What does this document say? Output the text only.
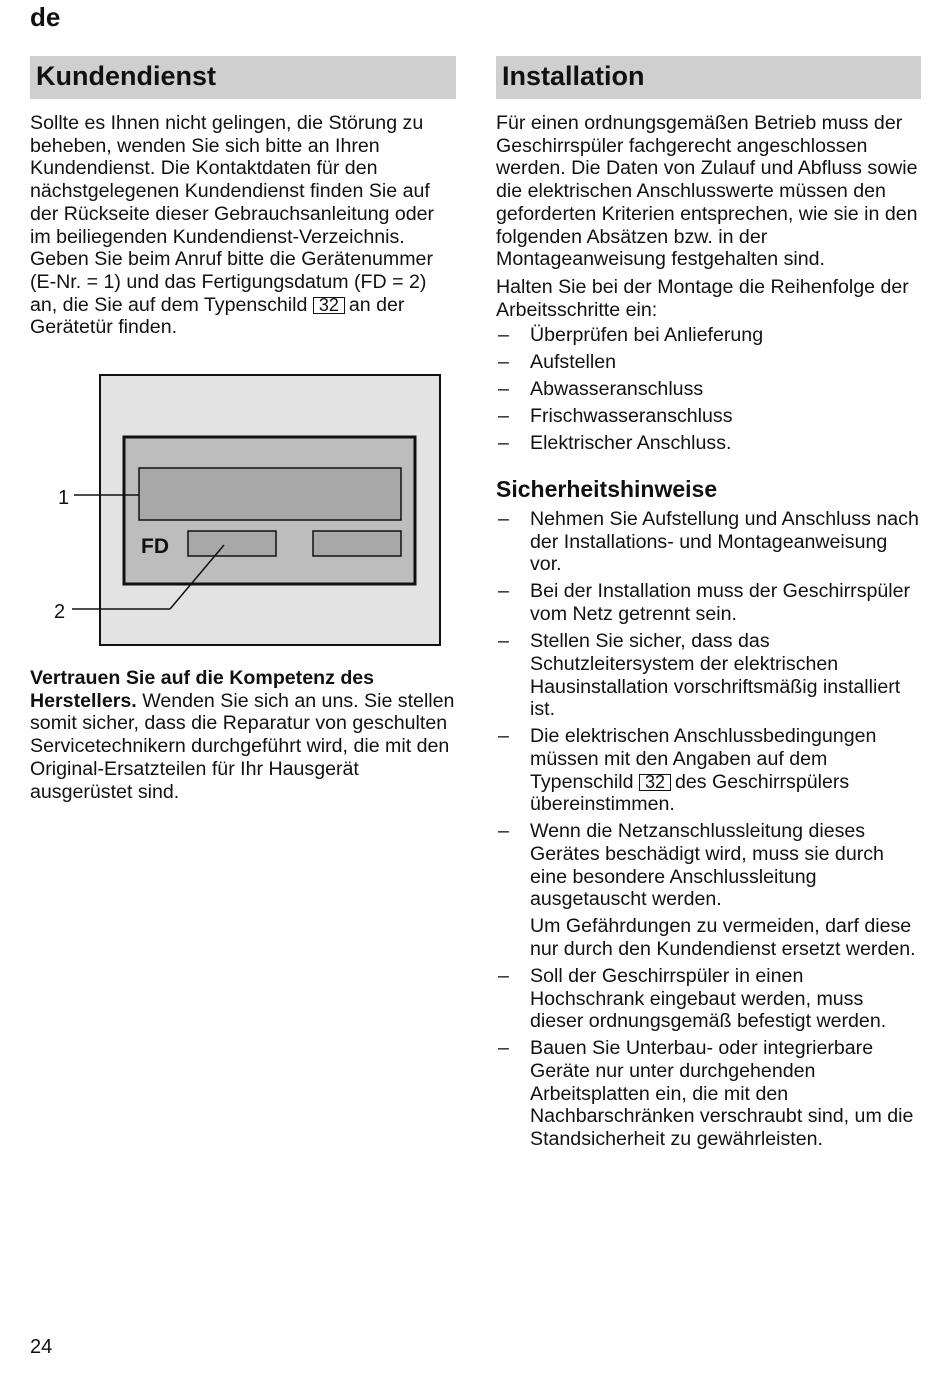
de
Kundendienst

Sollte es Ihnen nicht gelingen, die Störung zu beheben, wenden Sie sich bitte an Ihren Kundendienst. Die Kontaktdaten für den nächstgelegenen Kundendienst finden Sie auf der Rückseite dieser Gebrauchsanleitung oder im beiliegenden Kundendienst-Verzeichnis. Geben Sie beim Anruf bitte die Gerätenummer (E-Nr. = 1) und das Fertigungsdatum (FD = 2) an, die Sie auf dem Typenschild 32 an der Gerätetür finden.

FD
1
2

Vertrauen Sie auf die Kompetenz des Herstellers. Wenden Sie sich an uns. Sie stellen somit sicher, dass die Reparatur von geschulten Servicetechnikern durchgeführt wird, die mit den Original-Ersatzteilen für Ihr Hausgerät ausgerüstet sind.

Installation

Für einen ordnungsgemäßen Betrieb muss der Geschirrspüler fachgerecht angeschlossen werden. Die Daten von Zulauf und Abfluss sowie die elektrischen Anschlusswerte müssen den geforderten Kriterien entsprechen, wie sie in den folgenden Absätzen bzw. in der Montageanweisung festgehalten sind.

Halten Sie bei der Montage die Reihenfolge der Arbeitsschritte ein:

– Überprüfen bei Anlieferung
– Aufstellen
– Abwasseranschluss
– Frischwasseranschluss
– Elektrischer Anschluss.
Sicherheitshinweise
– Nehmen Sie Aufstellung und Anschluss nach der Installations- und Montageanweisung vor.
– Bei der Installation muss der Geschirrspüler vom Netz getrennt sein.
– Stellen Sie sicher, dass das Schutzleitersystem der elektrischen Hausinstallation vorschriftsmäßig installiert ist.
– Die elektrischen Anschlussbedingungen müssen mit den Angaben auf dem Typenschild 32 des Geschirrspülers übereinstimmen.
– Wenn die Netzanschlussleitung dieses Gerätes beschädigt wird, muss sie durch eine besondere Anschlussleitung ausgetauscht werden.
Um Gefährdungen zu vermeiden, darf diese nur durch den Kundendienst ersetzt werden.
– Soll der Geschirrspüler in einen Hochschrank eingebaut werden, muss dieser ordnungsgemäß befestigt werden.
– Bauen Sie Unterbau- oder integrierbare Geräte nur unter durchgehenden Arbeitsplatten ein, die mit den Nachbarschränken verschraubt sind, um die Standsicherheit zu gewährleisten.
24
